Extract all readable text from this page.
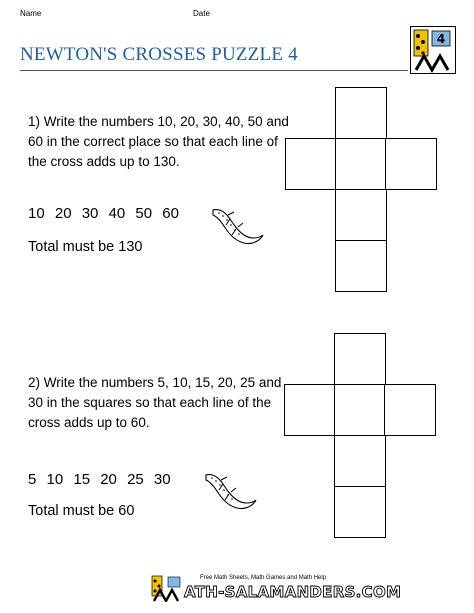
Name	Date
NEWTON'S CROSSES PUZZLE 4
4
1) Write the numbers 10, 20, 30, 40, 50 and 60 in the correct place so that each line of the cross adds up to 130.
10 20 30 40 50 60
Total must be 130
2) Write the numbers 5, 10, 15, 20, 25 and 30 in the squares so that each line of the cross adds up to 60.
5 10 15 20 25 30
Total must be 60
Free Math Sheets, Math Games and Math Help
ATH-SALAMANDERS.COM
